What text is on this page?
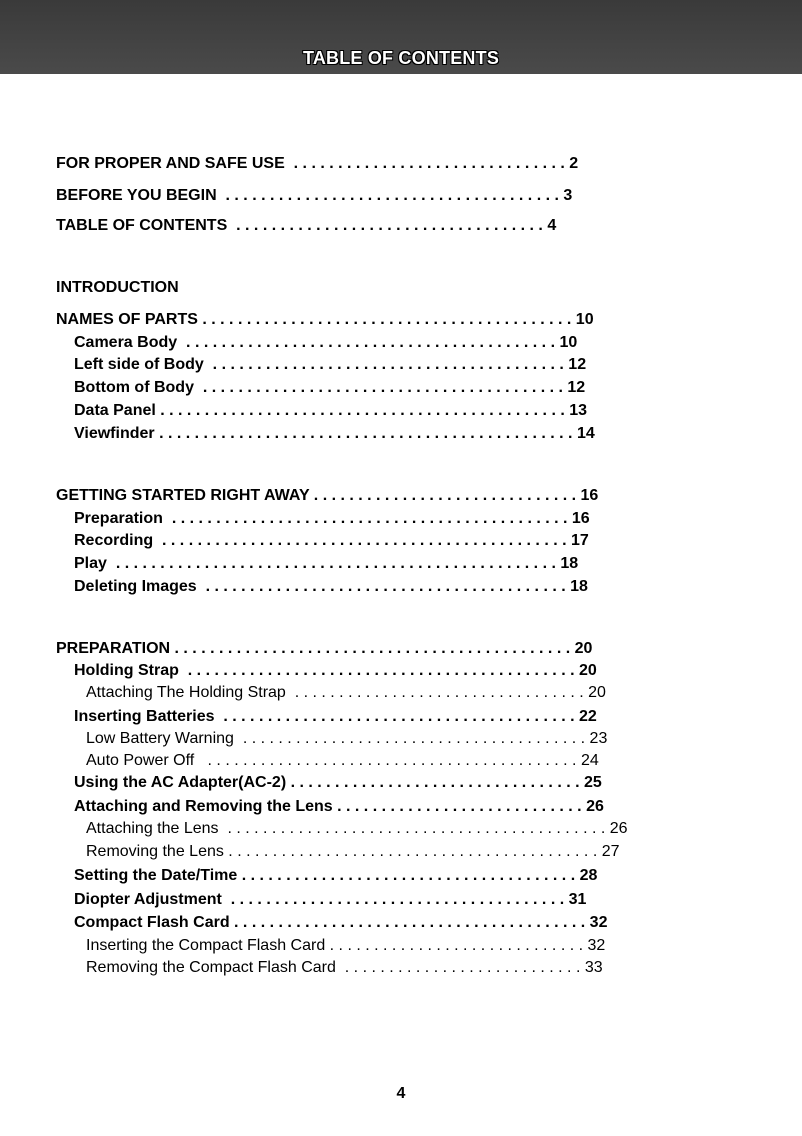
TABLE OF CONTENTS
FOR PROPER AND SAFE USE  . . . . . . . . . . . . . . . . . . . . . . . . . . . . . . . 2
BEFORE YOU BEGIN  . . . . . . . . . . . . . . . . . . . . . . . . . . . . . . . . . . . . . . 3
TABLE OF CONTENTS  . . . . . . . . . . . . . . . . . . . . . . . . . . . . . . . . . . . 4
INTRODUCTION
NAMES OF PARTS . . . . . . . . . . . . . . . . . . . . . . . . . . . . . . . . . . . . . . . . . . 10
Camera Body  . . . . . . . . . . . . . . . . . . . . . . . . . . . . . . . . . . . . . . . . . . 10
Left side of Body  . . . . . . . . . . . . . . . . . . . . . . . . . . . . . . . . . . . . . . . . 12
Bottom of Body  . . . . . . . . . . . . . . . . . . . . . . . . . . . . . . . . . . . . . . . . . 12
Data Panel . . . . . . . . . . . . . . . . . . . . . . . . . . . . . . . . . . . . . . . . . . . . . . 13
Viewfinder . . . . . . . . . . . . . . . . . . . . . . . . . . . . . . . . . . . . . . . . . . . . . . . 14
GETTING STARTED RIGHT AWAY . . . . . . . . . . . . . . . . . . . . . . . . . . . . . . 16
Preparation  . . . . . . . . . . . . . . . . . . . . . . . . . . . . . . . . . . . . . . . . . . . . . 16
Recording  . . . . . . . . . . . . . . . . . . . . . . . . . . . . . . . . . . . . . . . . . . . . . . 17
Play  . . . . . . . . . . . . . . . . . . . . . . . . . . . . . . . . . . . . . . . . . . . . . . . . . . 18
Deleting Images  . . . . . . . . . . . . . . . . . . . . . . . . . . . . . . . . . . . . . . . . . 18
PREPARATION . . . . . . . . . . . . . . . . . . . . . . . . . . . . . . . . . . . . . . . . . . . . . 20
Holding Strap  . . . . . . . . . . . . . . . . . . . . . . . . . . . . . . . . . . . . . . . . . . . . 20
Attaching The Holding Strap  . . . . . . . . . . . . . . . . . . . . . . . . . . . . . . . . . 20
Inserting Batteries  . . . . . . . . . . . . . . . . . . . . . . . . . . . . . . . . . . . . . . . . 22
Low Battery Warning  . . . . . . . . . . . . . . . . . . . . . . . . . . . . . . . . . . . . . . . 23
Auto Power Off   . . . . . . . . . . . . . . . . . . . . . . . . . . . . . . . . . . . . . . . . . . 24
Using the AC Adapter(AC-2) . . . . . . . . . . . . . . . . . . . . . . . . . . . . . . . . . 25
Attaching and Removing the Lens . . . . . . . . . . . . . . . . . . . . . . . . . . . . 26
Attaching the Lens  . . . . . . . . . . . . . . . . . . . . . . . . . . . . . . . . . . . . . . . . . . . 26
Removing the Lens . . . . . . . . . . . . . . . . . . . . . . . . . . . . . . . . . . . . . . . . . . 27
Setting the Date/Time . . . . . . . . . . . . . . . . . . . . . . . . . . . . . . . . . . . . . . 28
Diopter Adjustment  . . . . . . . . . . . . . . . . . . . . . . . . . . . . . . . . . . . . . . 31
Compact Flash Card . . . . . . . . . . . . . . . . . . . . . . . . . . . . . . . . . . . . . . . . 32
Inserting the Compact Flash Card . . . . . . . . . . . . . . . . . . . . . . . . . . . . . 32
Removing the Compact Flash Card  . . . . . . . . . . . . . . . . . . . . . . . . . . . 33
4
